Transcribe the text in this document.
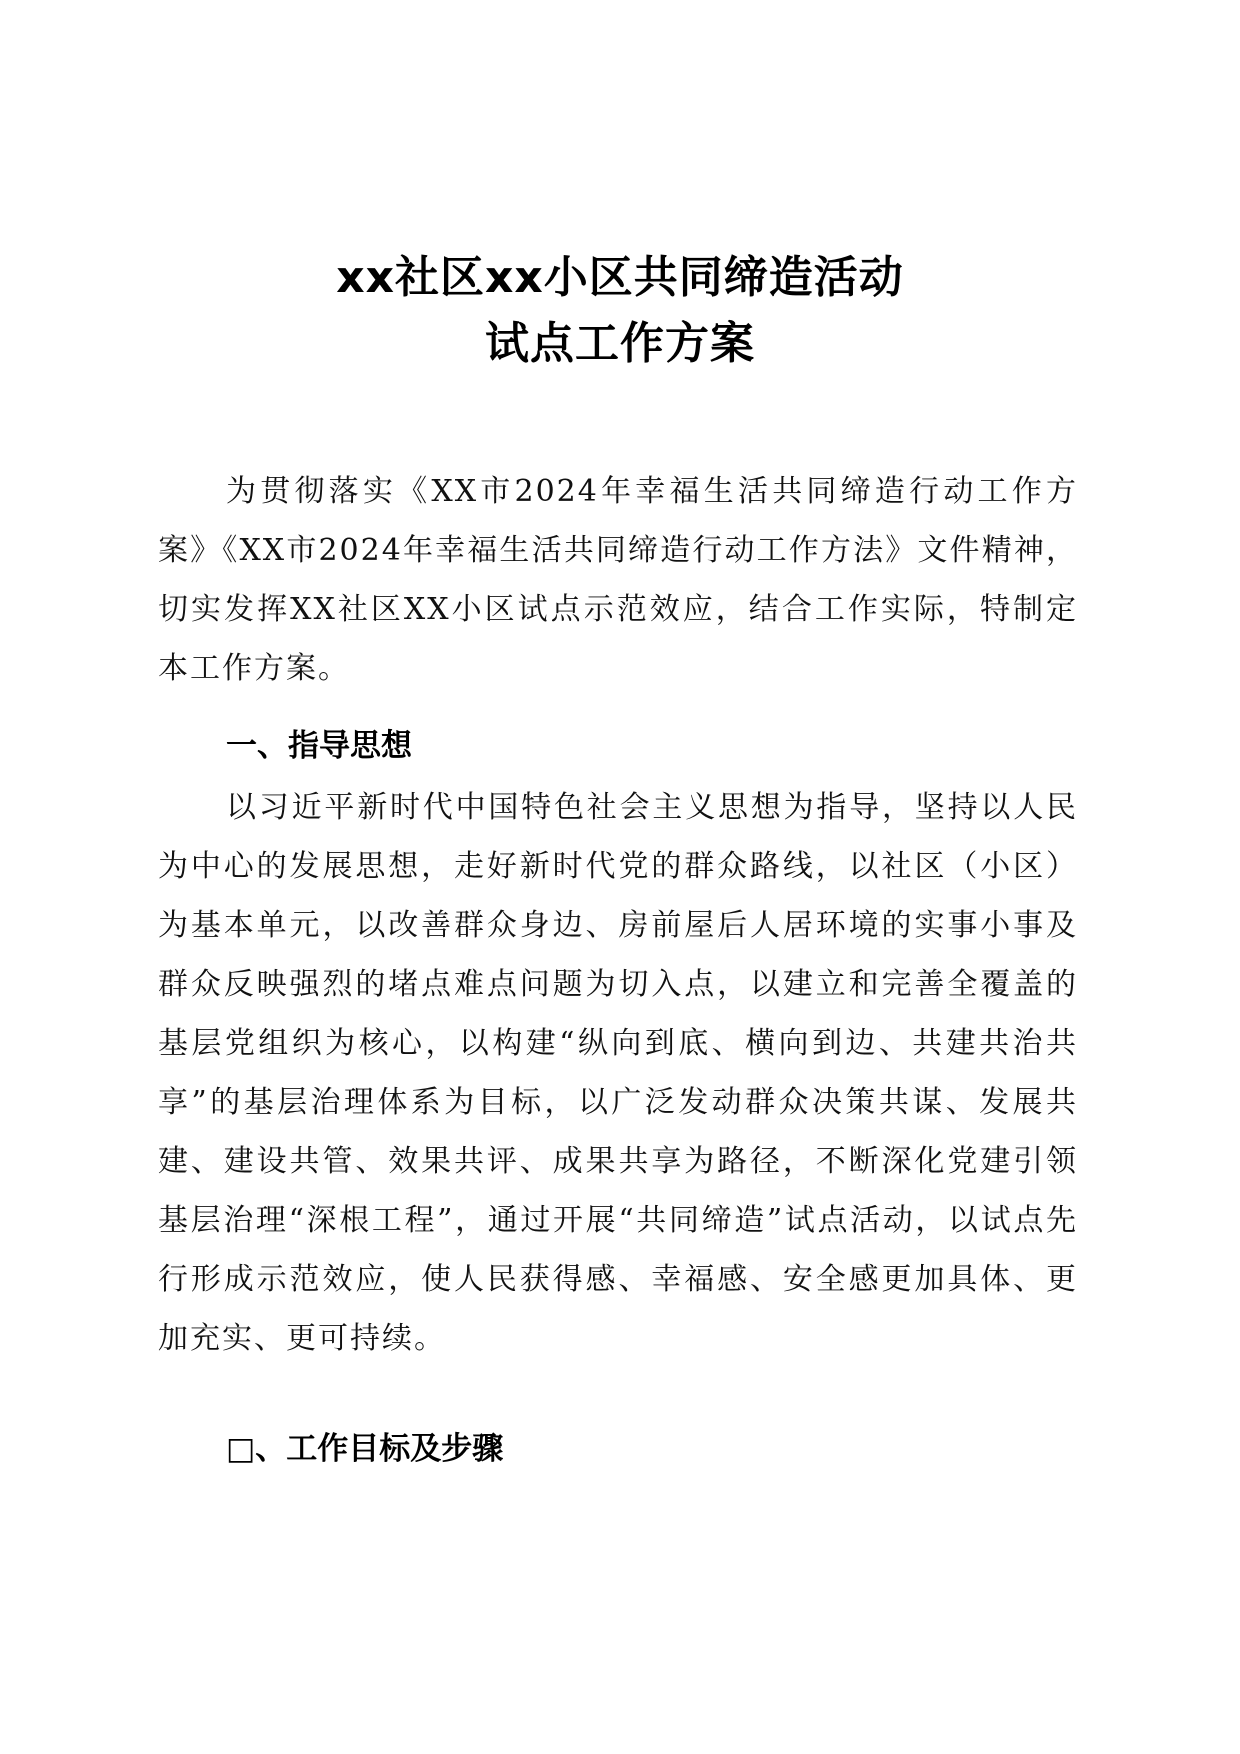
xx社区xx小区共同缔造活动
试点工作方案

为贯彻落实《XX市2024年幸福生活共同缔造行动工作方案》《XX市2024年幸福生活共同缔造行动工作方法》文件精神，切实发挥XX社区XX小区试点示范效应，结合工作实际，特制定本工作方案。

一、指导思想

以习近平新时代中国特色社会主义思想为指导，坚持以人民为中心的发展思想，走好新时代党的群众路线，以社区（小区）为基本单元，以改善群众身边、房前屋后人居环境的实事小事及群众反映强烈的堵点难点问题为切入点，以建立和完善全覆盖的基层党组织为核心，以构建“纵向到底、横向到边、共建共治共享”的基层治理体系为目标，以广泛发动群众决策共谋、发展共建、建设共管、效果共评、成果共享为路径，不断深化党建引领基层治理“深根工程”，通过开展“共同缔造”试点活动，以试点先行形成示范效应，使人民获得感、幸福感、安全感更加具体、更加充实、更可持续。

□、工作目标及步骤
